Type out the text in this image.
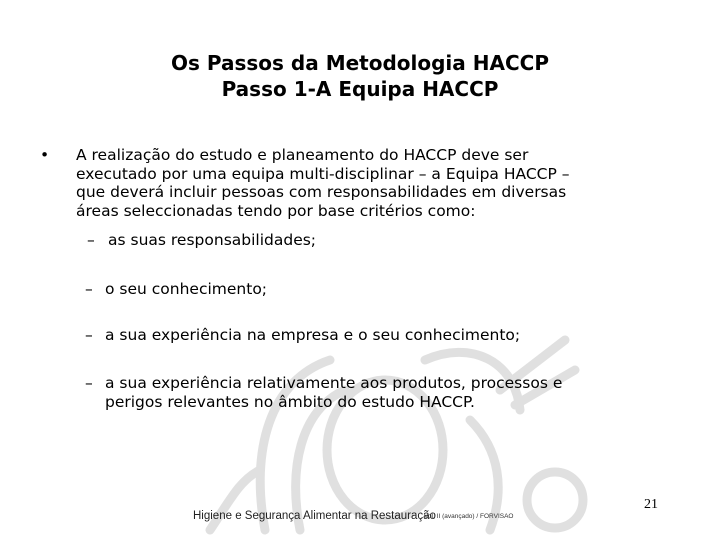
Os Passos da Metodologia HACCP
Passo 1-A Equipa HACCP
• A realização do estudo e planeamento do HACCP deve ser
executado por uma equipa multi-disciplinar – a Equipa HACCP –
que deverá incluir pessoas com responsabilidades em diversas
áreas seleccionadas tendo por base critérios como:
– as suas responsabilidades;
– o seu conhecimento;
– a sua experiência na empresa e o seu conhecimento;
– a sua experiência relativamente aos produtos, processos e
perigos relevantes no âmbito do estudo HACCP.
21
Higiene e Segurança Alimentar na Restauração
Vol. II (avançado) / FORVISAO
